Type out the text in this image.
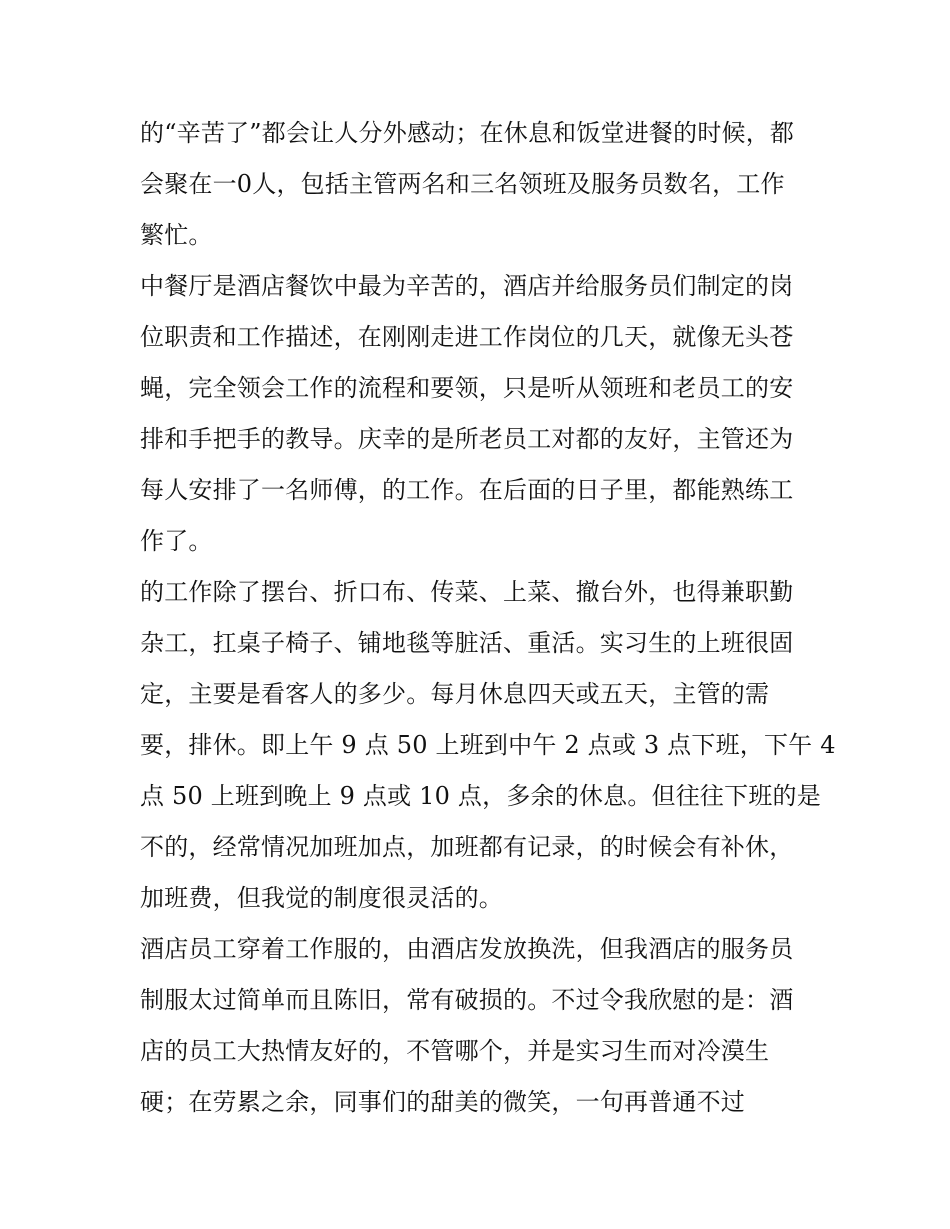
的“辛苦了”都会让人分外感动；在休息和饭堂进餐的时候，都
会聚在一0人，包括主管两名和三名领班及服务员数名，工作
繁忙。
中餐厅是酒店餐饮中最为辛苦的，酒店并给服务员们制定的岗
位职责和工作描述，在刚刚走进工作岗位的几天，就像无头苍
蝇，完全领会工作的流程和要领，只是听从领班和老员工的安
排和手把手的教导。庆幸的是所老员工对都的友好，主管还为
每人安排了一名师傅，的工作。在后面的日子里，都能熟练工
作了。
的工作除了摆台、折口布、传菜、上菜、撤台外，也得兼职勤
杂工，扛桌子椅子、铺地毯等脏活、重活。实习生的上班很固
定，主要是看客人的多少。每月休息四天或五天，主管的需
要，排休。即上午 9 点 50 上班到中午 2 点或 3 点下班，下午 4
点 50 上班到晚上 9 点或 10 点，多余的休息。但往往下班的是
不的，经常情况加班加点，加班都有记录，的时候会有补休，
加班费，但我觉的制度很灵活的。
酒店员工穿着工作服的，由酒店发放换洗，但我酒店的服务员
制服太过简单而且陈旧，常有破损的。不过令我欣慰的是：酒
店的员工大热情友好的，不管哪个，并是实习生而对冷漠生
硬；在劳累之余，同事们的甜美的微笑，一句再普通不过
